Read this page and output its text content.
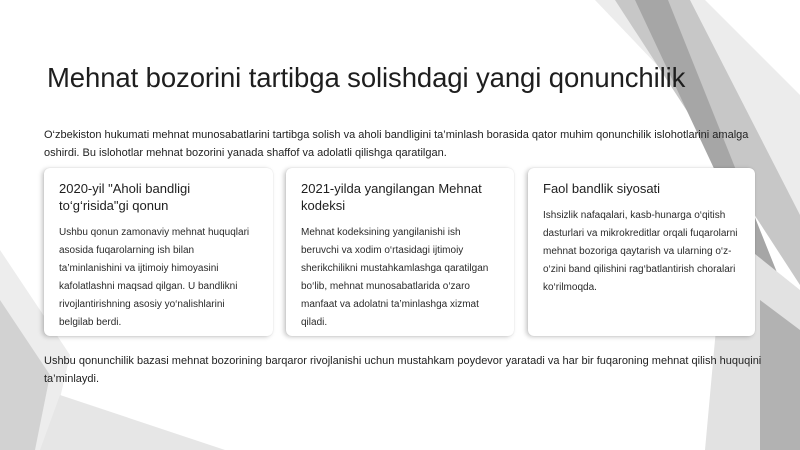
Mehnat bozorini tartibga solishdagi yangi qonunchilik

O‘zbekiston hukumati mehnat munosabatlarini tartibga solish va aholi bandligini ta’minlash borasida qator muhim qonunchilik islohotlarini amalga oshirdi. Bu islohotlar mehnat bozorini yanada shaffof va adolatli qilishga qaratilgan.

2020-yil "Aholi bandligi to‘g‘risida"gi qonun

Ushbu qonun zamonaviy mehnat huquqlari asosida fuqarolarning ish bilan ta’minlanishini va ijtimoiy himoyasini kafolatlashni maqsad qilgan. U bandlikni rivojlantirishning asosiy yo‘nalishlarini belgilab berdi.

2021-yilda yangilangan Mehnat kodeksi

Mehnat kodeksining yangilanishi ish beruvchi va xodim o‘rtasidagi ijtimoiy sherikchilikni mustahkamlashga qaratilgan bo‘lib, mehnat munosabatlarida o‘zaro manfaat va adolatni ta’minlashga xizmat qiladi.

Faol bandlik siyosati

Ishsizlik nafaqalari, kasb-hunarga o‘qitish dasturlari va mikrokreditlar orqali fuqarolarni mehnat bozoriga qaytarish va ularning o‘z-o‘zini band qilishini rag‘batlantirish choralari ko‘rilmoqda.

Ushbu qonunchilik bazasi mehnat bozorining barqaror rivojlanishi uchun mustahkam poydevor yaratadi va har bir fuqaroning mehnat qilish huquqini ta’minlaydi.
